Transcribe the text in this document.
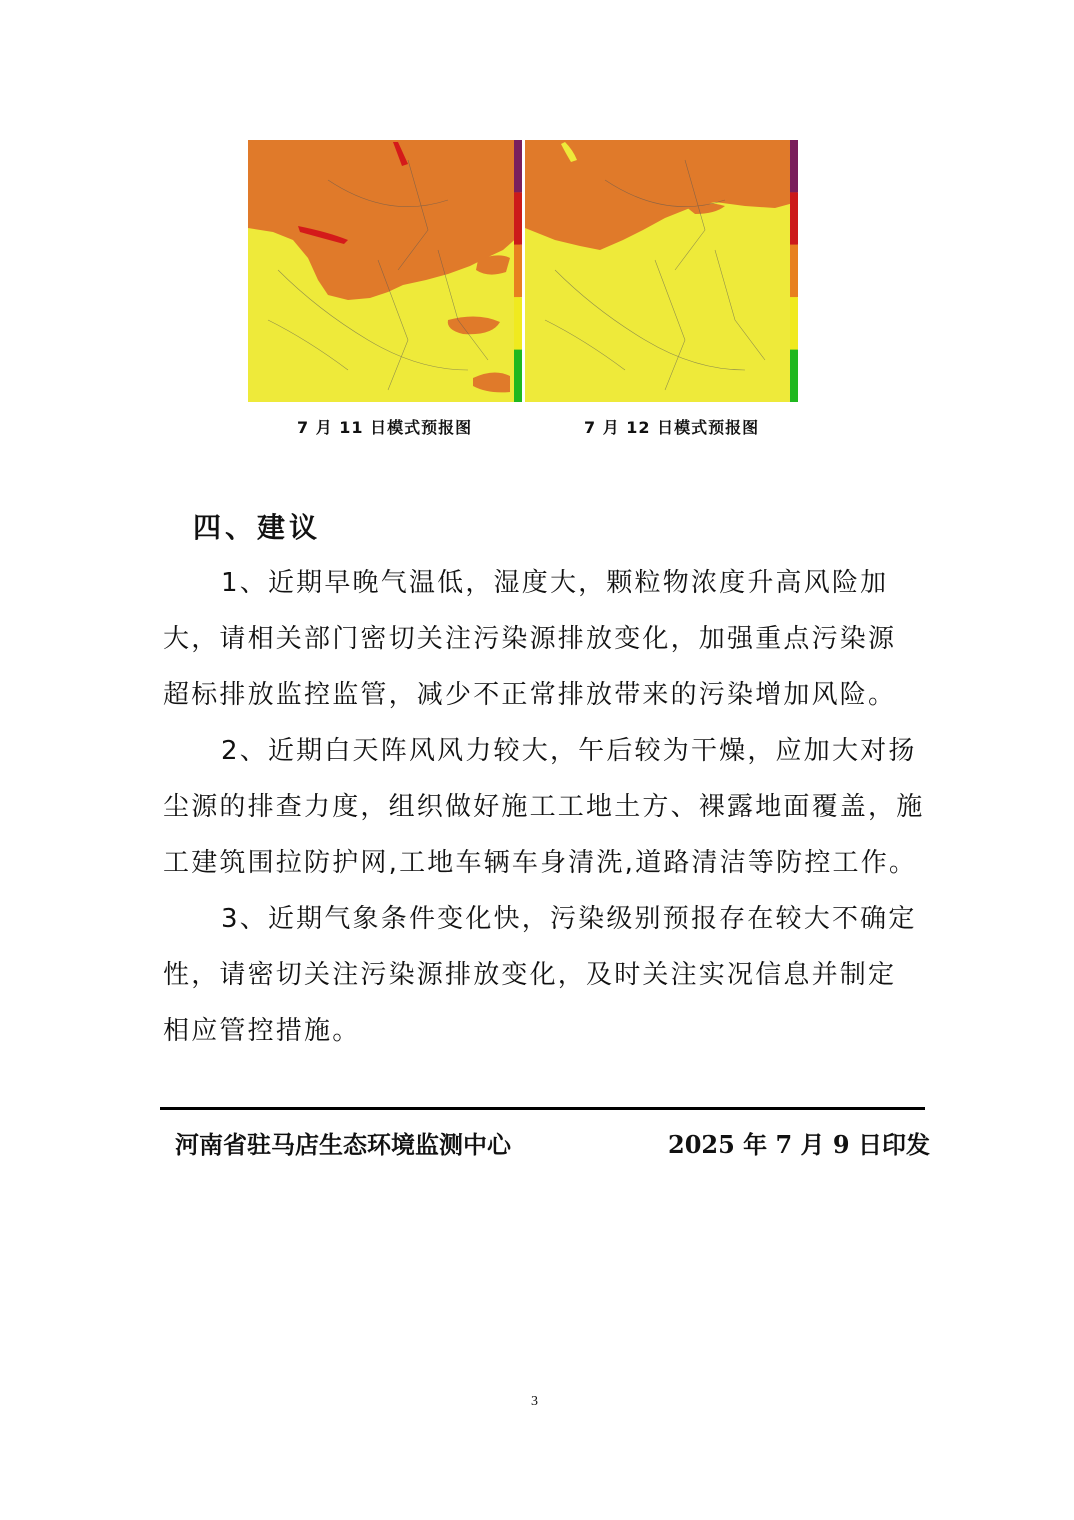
7 月 11 日模式预报图	7 月 12 日模式预报图
四、建议
1、近期早晚气温低，湿度大，颗粒物浓度升高风险加
大，请相关部门密切关注污染源排放变化，加强重点污染源
超标排放监控监管，减少不正常排放带来的污染增加风险。
2、近期白天阵风风力较大，午后较为干燥，应加大对扬
尘源的排查力度，组织做好施工工地土方、裸露地面覆盖，施
工建筑围拉防护网,工地车辆车身清洗,道路清洁等防控工作。
3、近期气象条件变化快，污染级别预报存在较大不确定
性，请密切关注污染源排放变化，及时关注实况信息并制定
相应管控措施。
河南省驻马店生态环境监测中心	2025 年 7 月 9 日印发
3
